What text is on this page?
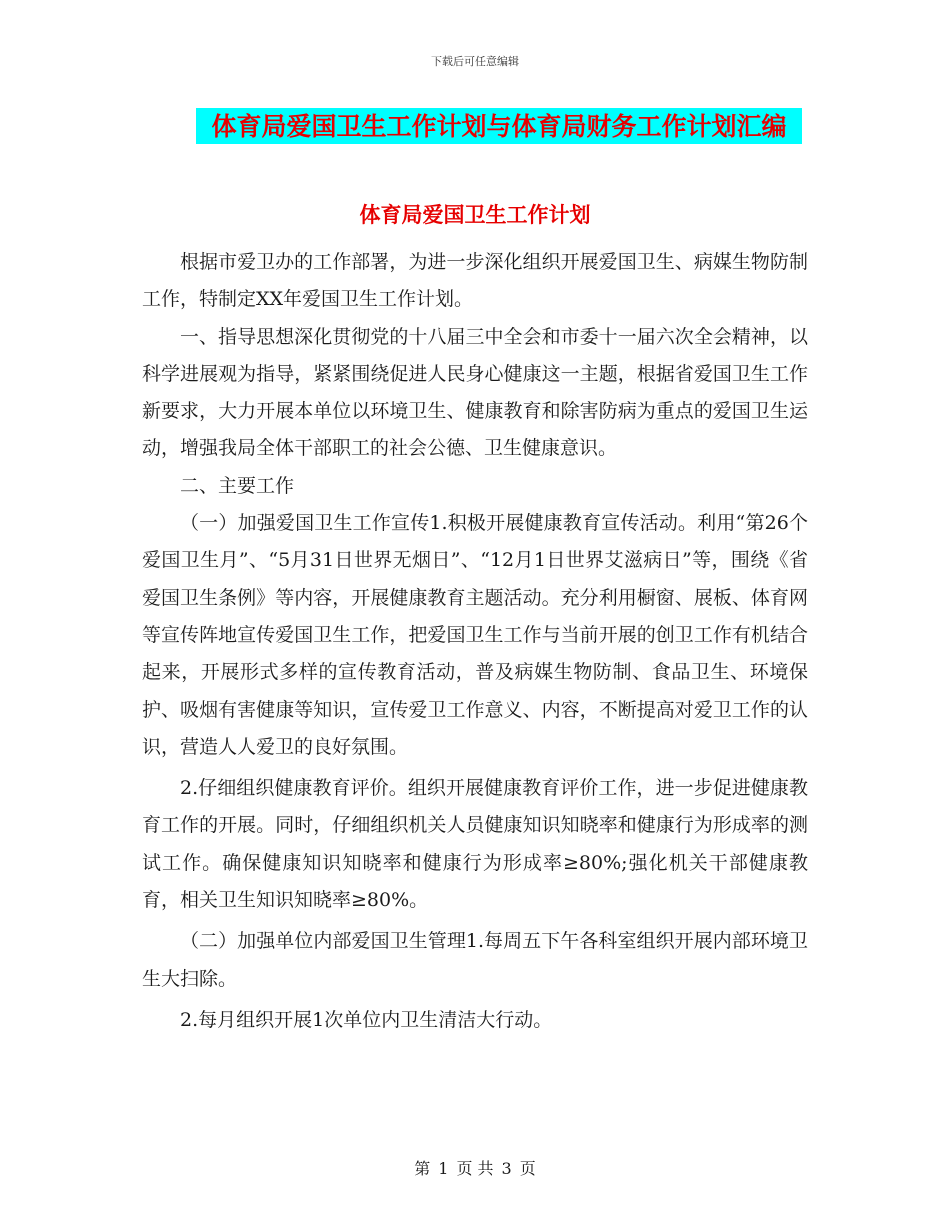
下载后可任意编辑
体育局爱国卫生工作计划与体育局财务工作计划汇编
体育局爱国卫生工作计划

根据市爱卫办的工作部署，为进一步深化组织开展爱国卫生、病媒生物防制工作，特制定XX年爱国卫生工作计划。

一、指导思想深化贯彻党的十八届三中全会和市委十一届六次全会精神，以科学进展观为指导，紧紧围绕促进人民身心健康这一主题，根据省爱国卫生工作新要求，大力开展本单位以环境卫生、健康教育和除害防病为重点的爱国卫生运动，增强我局全体干部职工的社会公德、卫生健康意识。

二、主要工作

（一）加强爱国卫生工作宣传1.积极开展健康教育宣传活动。利用“第26个爱国卫生月”、“5月31日世界无烟日”、“12月1日世界艾滋病日”等，围绕《省爱国卫生条例》等内容，开展健康教育主题活动。充分利用橱窗、展板、体育网等宣传阵地宣传爱国卫生工作，把爱国卫生工作与当前开展的创卫工作有机结合起来，开展形式多样的宣传教育活动，普及病媒生物防制、食品卫生、环境保护、吸烟有害健康等知识，宣传爱卫工作意义、内容，不断提高对爱卫工作的认识，营造人人爱卫的良好氛围。

2.仔细组织健康教育评价。组织开展健康教育评价工作，进一步促进健康教育工作的开展。同时，仔细组织机关人员健康知识知晓率和健康行为形成率的测试工作。确保健康知识知晓率和健康行为形成率≥80%;强化机关干部健康教育，相关卫生知识知晓率≥80%。

（二）加强单位内部爱国卫生管理1.每周五下午各科室组织开展内部环境卫生大扫除。

2.每月组织开展1次单位内卫生清洁大行动。

第 1 页 共 3 页
